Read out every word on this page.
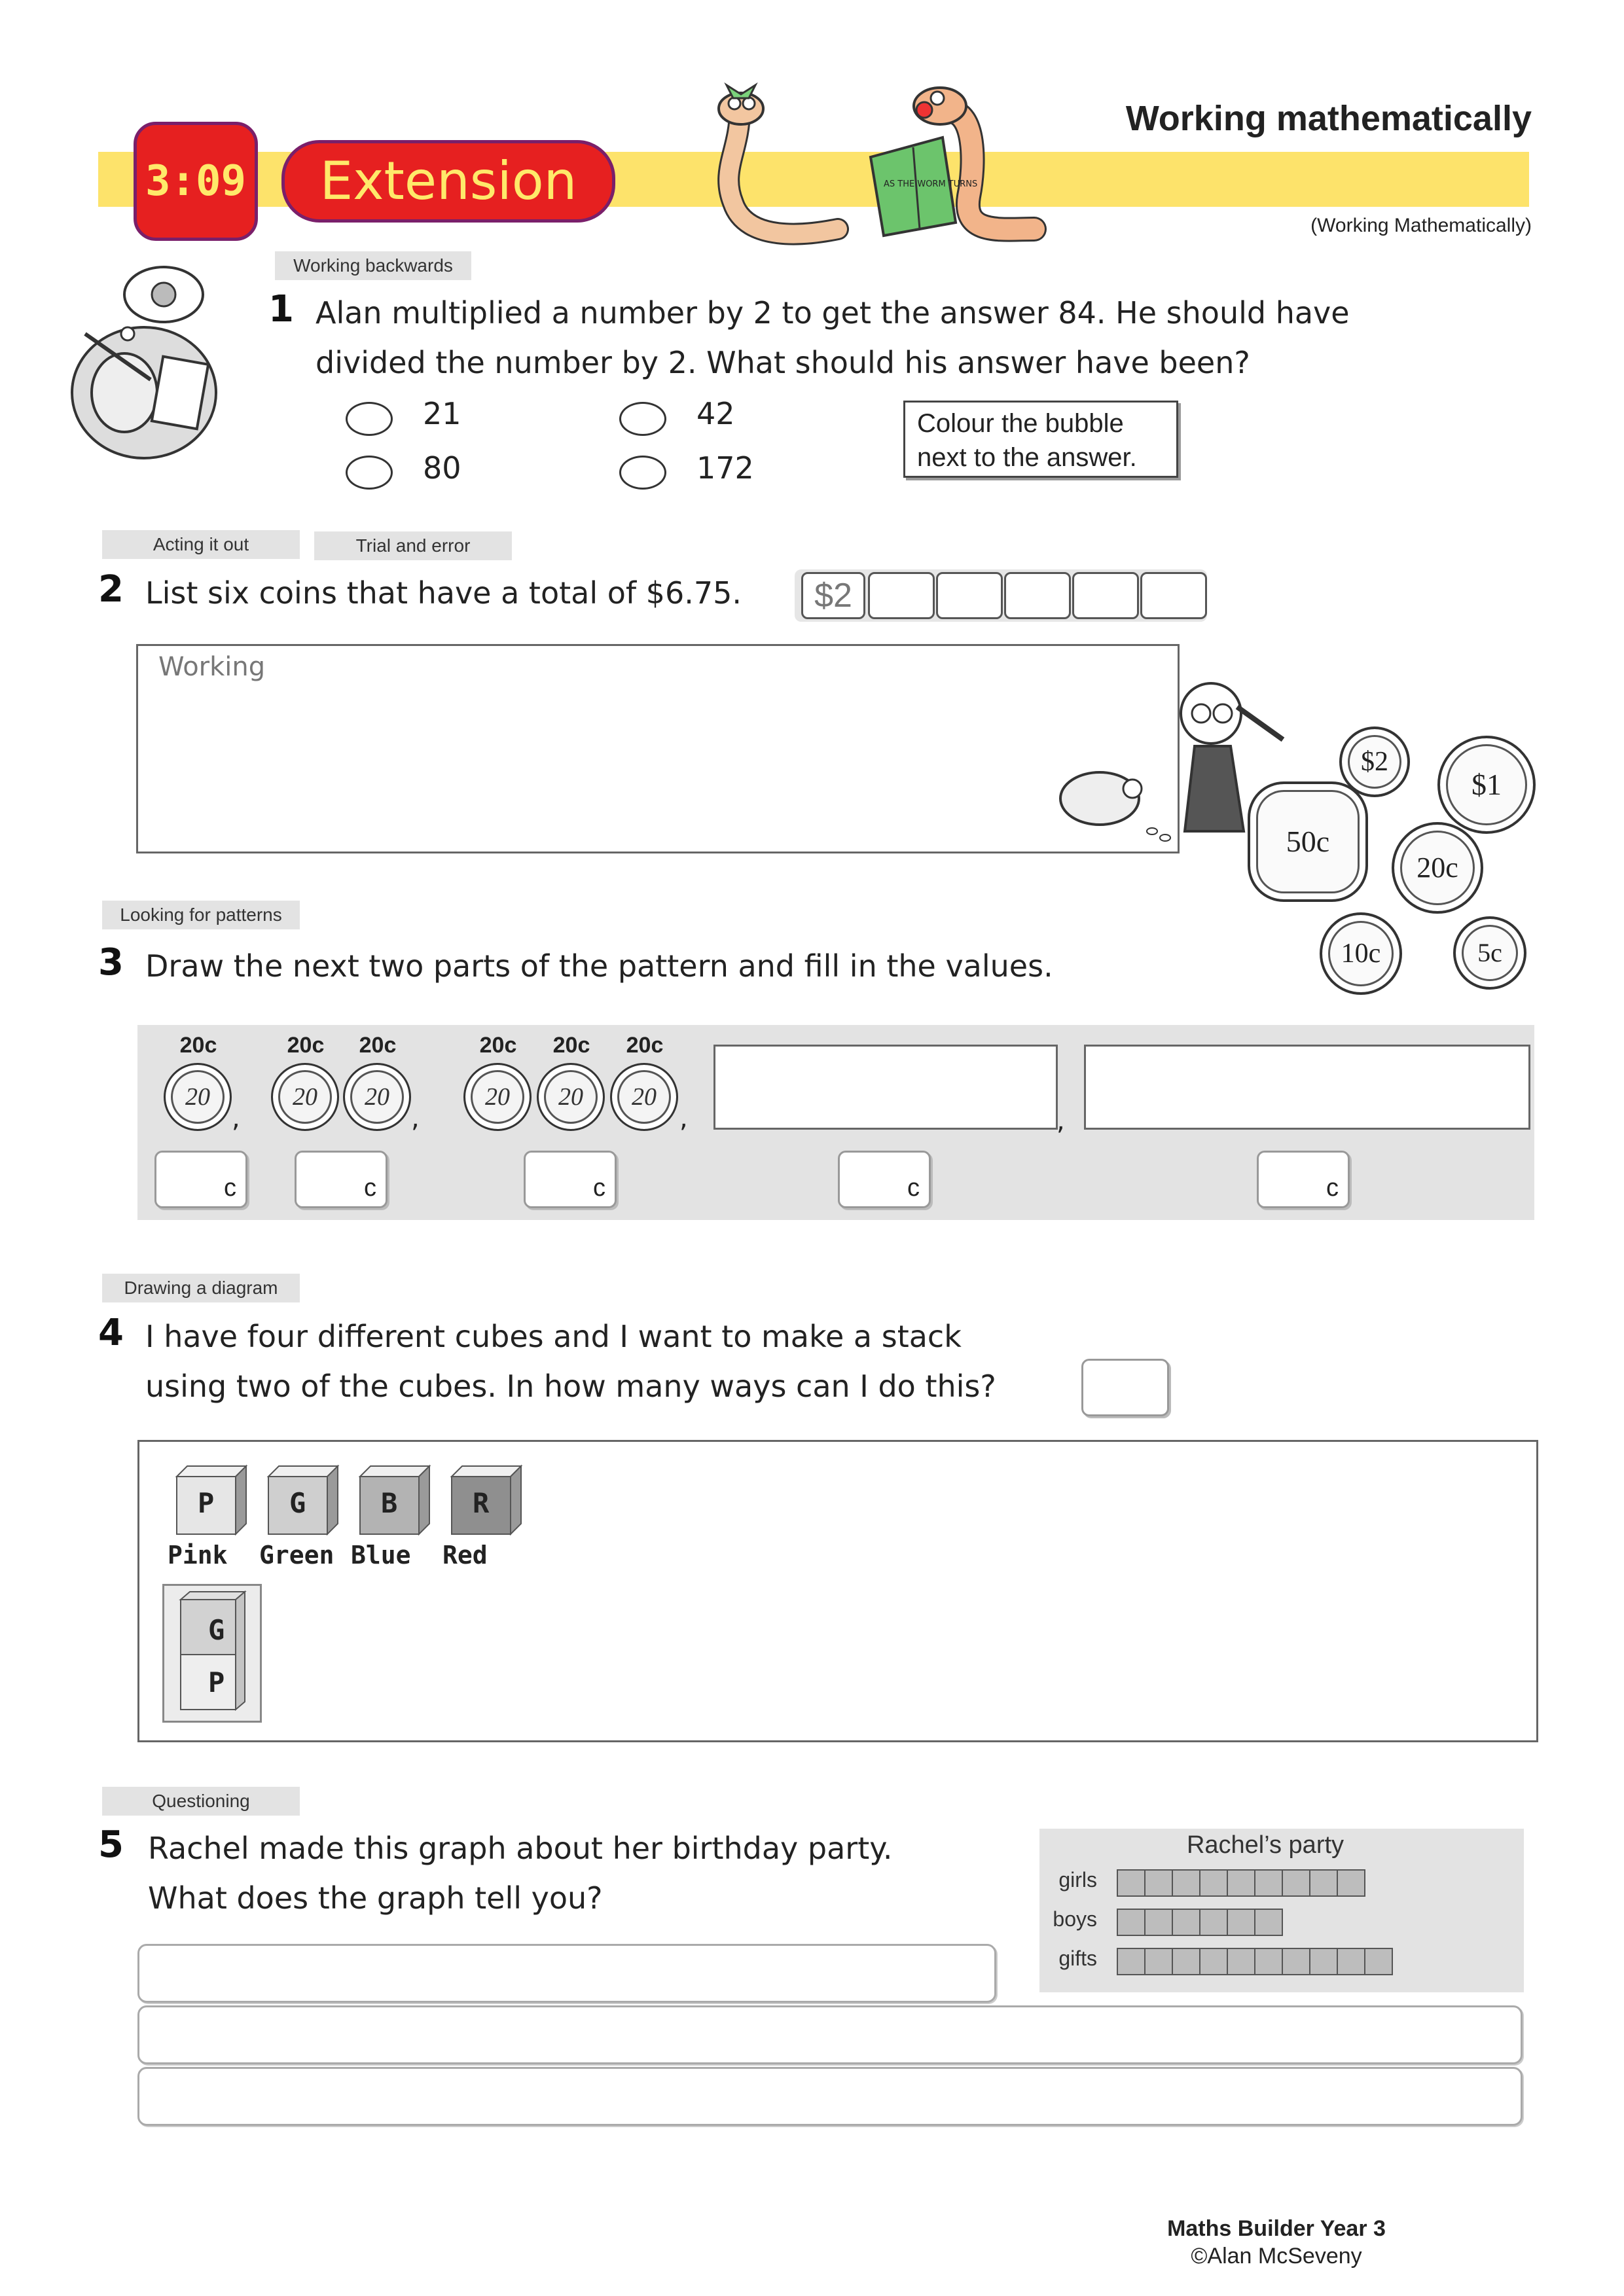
3:09	Extension	AS THE WORM TURNS
Working mathematically
(Working Mathematically)
Working backwards
1 Alan multiplied a number by 2 to get the answer 84. He should have
divided the number by 2. What should his answer have been?
21	42
80	172
Colour the bubble
next to the answer.
Acting it out	Trial and error
2 List six coins that have a total of $6.75.	$2
Working
$2
$1
50c
20c
10c	5c
Looking for patterns
3 Draw the next two parts of the pattern and fill in the values.
20c
20
,
20c	20c
20	20
,
20c	20c	20c
20	20	20
,	,
c	c	c	c	c
Drawing a diagram
4 I have four different cubes and I want to make a stack
using two of the cubes. In how many ways can I do this?
P
Pink
G
Green
B
Blue
R
Red
G
P
Questioning
5 Rachel made this graph about her birthday party.
What does the graph tell you?
Rachel’s party
girls
boys
gifts
Maths Builder Year 3
©Alan McSeveny
